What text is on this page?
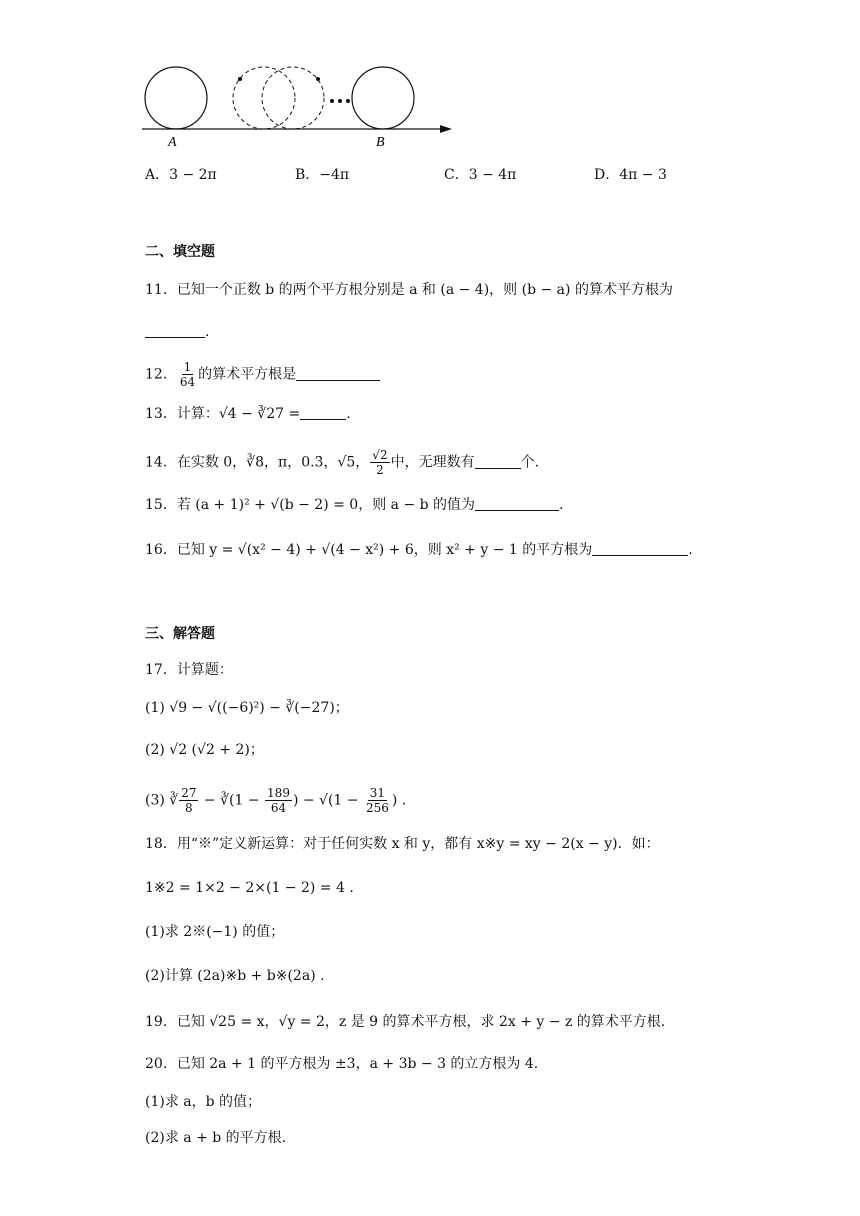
A	B
A．3 − 2π	B．−4π	C．3 − 4π	D．4π − 3
二、填空题
11．已知一个正数 b 的两个平方根分别是 a 和 (a − 4)，则 (b − a) 的算术平方根为
.
12． $\frac{1}{64}$ 的算术平方根是
13．计算：√4 − ∛27 =	.
14．在实数 0，∛8，π，0.3̇，√5， $\frac{√2}{2}$ 中，无理数有	个.
15．若 (a + 1)² + √(b − 2) = 0，则 a − b 的值为	.
16．已知 y = √(x² − 4) + √(4 − x²) + 6，则 x² + y − 1 的平方根为	.
三、解答题
17．计算题：
(1) √9 − √((−6)²) − ∛(−27)；
(2) √2 (√2 + 2)；
(3) ∛ $\frac{27}{8}$ − ∛(1 − $\frac{189}{64}$ ) − $√(1 - \frac{31}{256}$ ) .
18．用“※”定义新运算：对于任何实数 x 和 y，都有 x※y = xy − 2(x − y)．如：
1※2 = 1×2 − 2×(1 − 2) = 4 .
(1)求 2※(−1) 的值；
(2)计算 (2a)※b + b※(2a) .
19．已知 √25 = x，√y = 2，z 是 9 的算术平方根，求 2x + y − z 的算术平方根.
20．已知 2a + 1 的平方根为 ±3，a + 3b − 3 的立方根为 4.
(1)求 a，b 的值；
(2)求 a + b 的平方根.
